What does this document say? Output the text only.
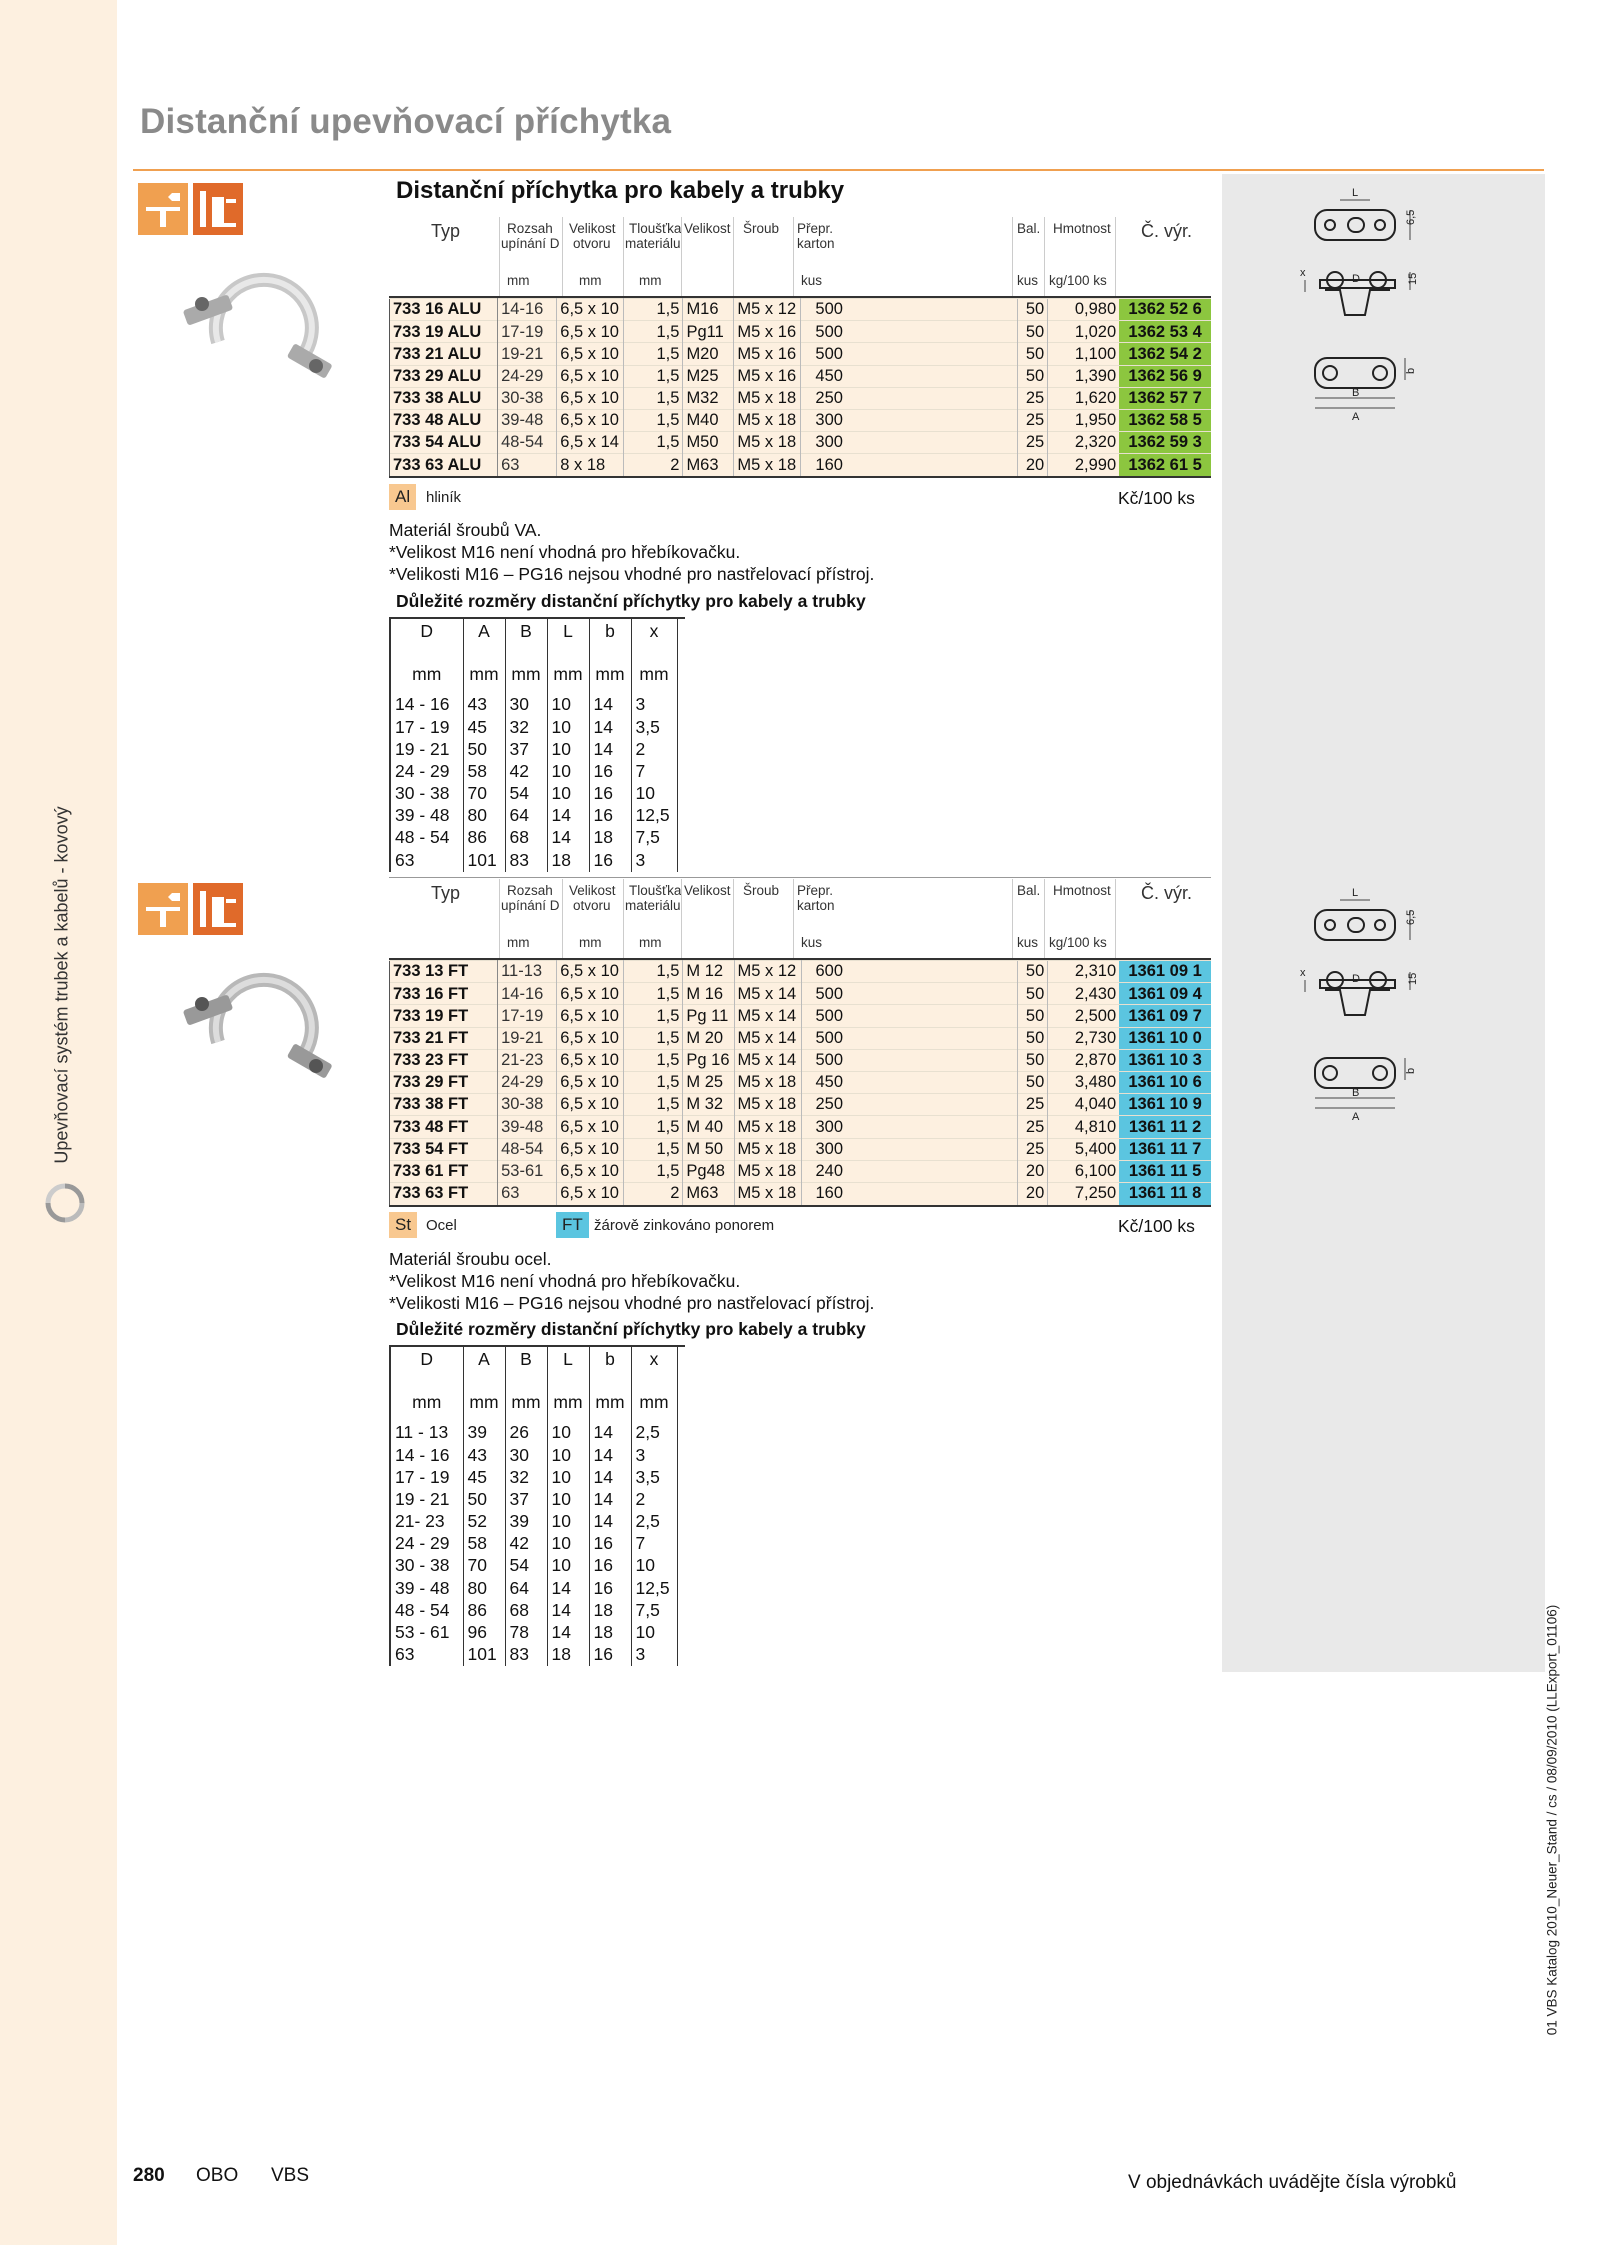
Upevňovací systém trubek a kabelů - kovový
01 VBS Katalog 2010_Neuer_Stand / cs / 08/09/2010 (LLExport_01106)
Distanční upevňovací příchytka
Distanční příchytka pro kabely a trubky	L
6,5
x	D	15
B
A
b
Typ	Rozsah
upínání D
mm
Velikost
otvoru
mm
Tloušťka
materiálu
mm
Velikost Šroub Přepr.
karton
kus
Bal.
kus
Hmotnost
kg/100 ks
Č. výr.
733 16 ALU	14-16	6,5 x 10	1,5	M16	M5 x 12	500	50	0,980	1362 52 6
733 19 ALU	17-19	6,5 x 10	1,5	Pg11	M5 x 16	500	50	1,020	1362 53 4
733 21 ALU	19-21	6,5 x 10	1,5	M20	M5 x 16	500	50	1,100	1362 54 2
733 29 ALU	24-29	6,5 x 10	1,5	M25	M5 x 16	450	50	1,390	1362 56 9
733 38 ALU	30-38	6,5 x 10	1,5	M32	M5 x 18	250	25	1,620	1362 57 7
733 48 ALU	39-48	6,5 x 10	1,5	M40	M5 x 18	300	25	1,950	1362 58 5
733 54 ALU	48-54	6,5 x 14	1,5	M50	M5 x 18	300	25	2,320	1362 59 3
733 63 ALU	63	8 x 18	2	M63	M5 x 18	160	20	2,990	1362 61 5
Al	hliník	Kč/100 ks
Materiál šroubů VA.
*Velikost M16 není vhodná pro hřebíkovačku.
*Velikosti M16 – PG16 nejsou vhodné pro nastřelovací přístroj.
Důležité rozměry distanční příchytky pro kabely a trubky
D	A	B	L	b	x
mm	mm	mm	mm	mm	mm
14 - 16	43	30	10	14	3
17 - 19	45	32	10	14	3,5
19 - 21	50	37	10	14	2
24 - 29	58	42	10	16	7
30 - 38	70	54	10	16	10
39 - 48	80	64	14	16	12,5
48 - 54	86	68	14	18	7,5
63	101	83	18	16	3
L
6,5
x	D	15
B
A
b
Typ	Rozsah
upínání D
mm
Velikost
otvoru
mm
Tloušťka
materiálu
mm
Velikost Šroub Přepr.
karton
kus
Bal.
kus
Hmotnost
kg/100 ks
Č. výr.
733 13 FT	11-13	6,5 x 10	1,5	M 12	M5 x 12	600	50	2,310	1361 09 1
733 16 FT	14-16	6,5 x 10	1,5	M 16	M5 x 14	500	50	2,430	1361 09 4
733 19 FT	17-19	6,5 x 10	1,5	Pg 11	M5 x 14	500	50	2,500	1361 09 7
733 21 FT	19-21	6,5 x 10	1,5	M 20	M5 x 14	500	50	2,730	1361 10 0
733 23 FT	21-23	6,5 x 10	1,5	Pg 16	M5 x 14	500	50	2,870	1361 10 3
733 29 FT	24-29	6,5 x 10	1,5	M 25	M5 x 18	450	50	3,480	1361 10 6
733 38 FT	30-38	6,5 x 10	1,5	M 32	M5 x 18	250	25	4,040	1361 10 9
733 48 FT	39-48	6,5 x 10	1,5	M 40	M5 x 18	300	25	4,810	1361 11 2
733 54 FT	48-54	6,5 x 10	1,5	M 50	M5 x 18	300	25	5,400	1361 11 7
733 61 FT	53-61	6,5 x 10	1,5	Pg48	M5 x 18	240	20	6,100	1361 11 5
733 63 FT	63	6,5 x 10	2	M63	M5 x 18	160	20	7,250	1361 11 8
St Ocel	FT žárově zinkováno ponorem	Kč/100 ks
Materiál šroubu ocel.
*Velikost M16 není vhodná pro hřebíkovačku.
*Velikosti M16 – PG16 nejsou vhodné pro nastřelovací přístroj.
Důležité rozměry distanční příchytky pro kabely a trubky
D	A	B	L	b	x
mm	mm	mm	mm	mm	mm
11 - 13	39	26	10	14	2,5
14 - 16	43	30	10	14	3
17 - 19	45	32	10	14	3,5
19 - 21	50	37	10	14	2
21- 23	52	39	10	14	2,5
24 - 29	58	42	10	16	7
30 - 38	70	54	10	16	10
39 - 48	80	64	14	16	12,5
48 - 54	86	68	14	18	7,5
53 - 61	96	78	14	18	10
63	101	83	18	16	3
280 OBO VBS	V objednávkách uvádějte čísla výrobků
